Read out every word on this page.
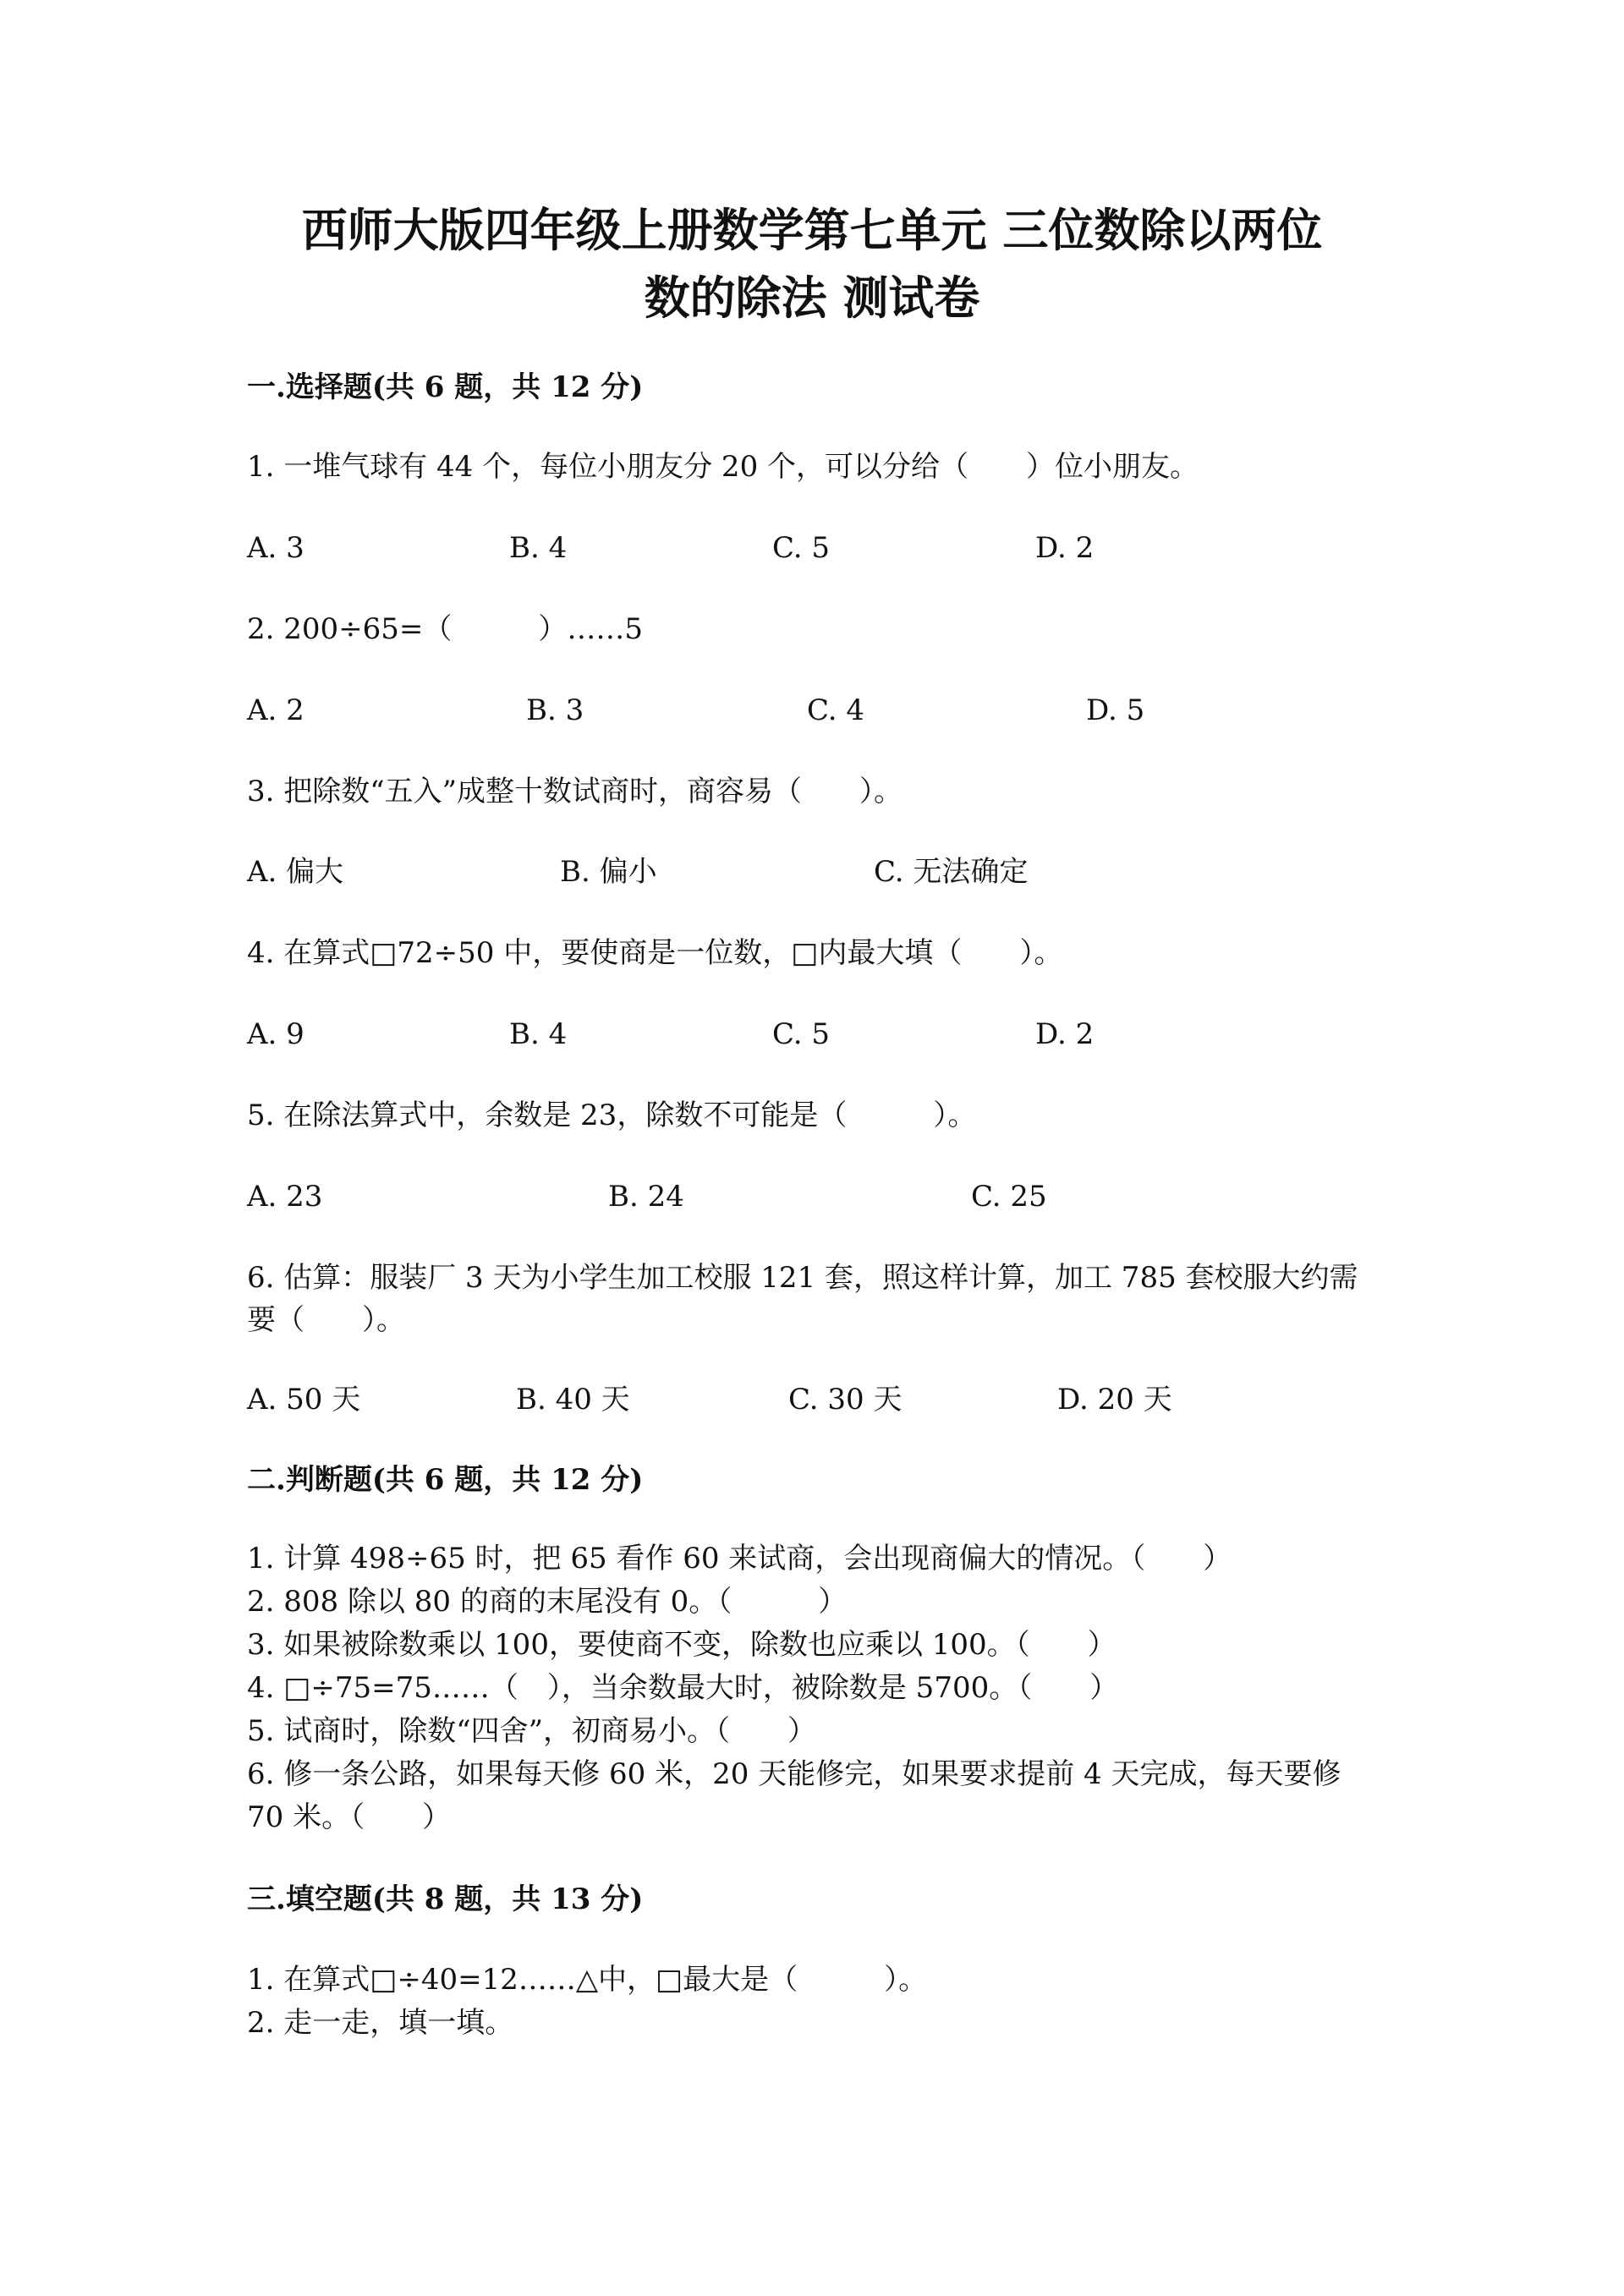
西师大版四年级上册数学第七单元 三位数除以两位
数的除法 测试卷
一.选择题(共 6 题，共 12 分)
1. 一堆气球有 44 个，每位小朋友分 20 个，可以分给（　　）位小朋友。
A. 3	B. 4	C. 5	D. 2
2. 200÷65=（　　　）……5
A. 2	B. 3	C. 4	D. 5
3. 把除数“五入”成整十数试商时，商容易（　　）。
A. 偏大	B. 偏小	C. 无法确定
4. 在算式□72÷50 中，要使商是一位数，□内最大填（　　）。
A. 9	B. 4	C. 5	D. 2
5. 在除法算式中，余数是 23，除数不可能是（　　　）。
A. 23	B. 24	C. 25
6. 估算：服装厂 3 天为小学生加工校服 121 套，照这样计算，加工 785 套校服大约需要（　　）。
A. 50 天	B. 40 天	C. 30 天	D. 20 天
二.判断题(共 6 题，共 12 分)
1. 计算 498÷65 时，把 65 看作 60 来试商，会出现商偏大的情况。（　　）
2. 808 除以 80 的商的末尾没有 0。（　　　）
3. 如果被除数乘以 100，要使商不变，除数也应乘以 100。（　　）
4. □÷75=75……（　），当余数最大时，被除数是 5700。（　　）
5. 试商时，除数“四舍”，初商易小。（　　）
6. 修一条公路，如果每天修 60 米，20 天能修完，如果要求提前 4 天完成，每天要修 70 米。（　　）
三.填空题(共 8 题，共 13 分)
1. 在算式□÷40=12……△中，□最大是（　　　）。
2. 走一走，填一填。
